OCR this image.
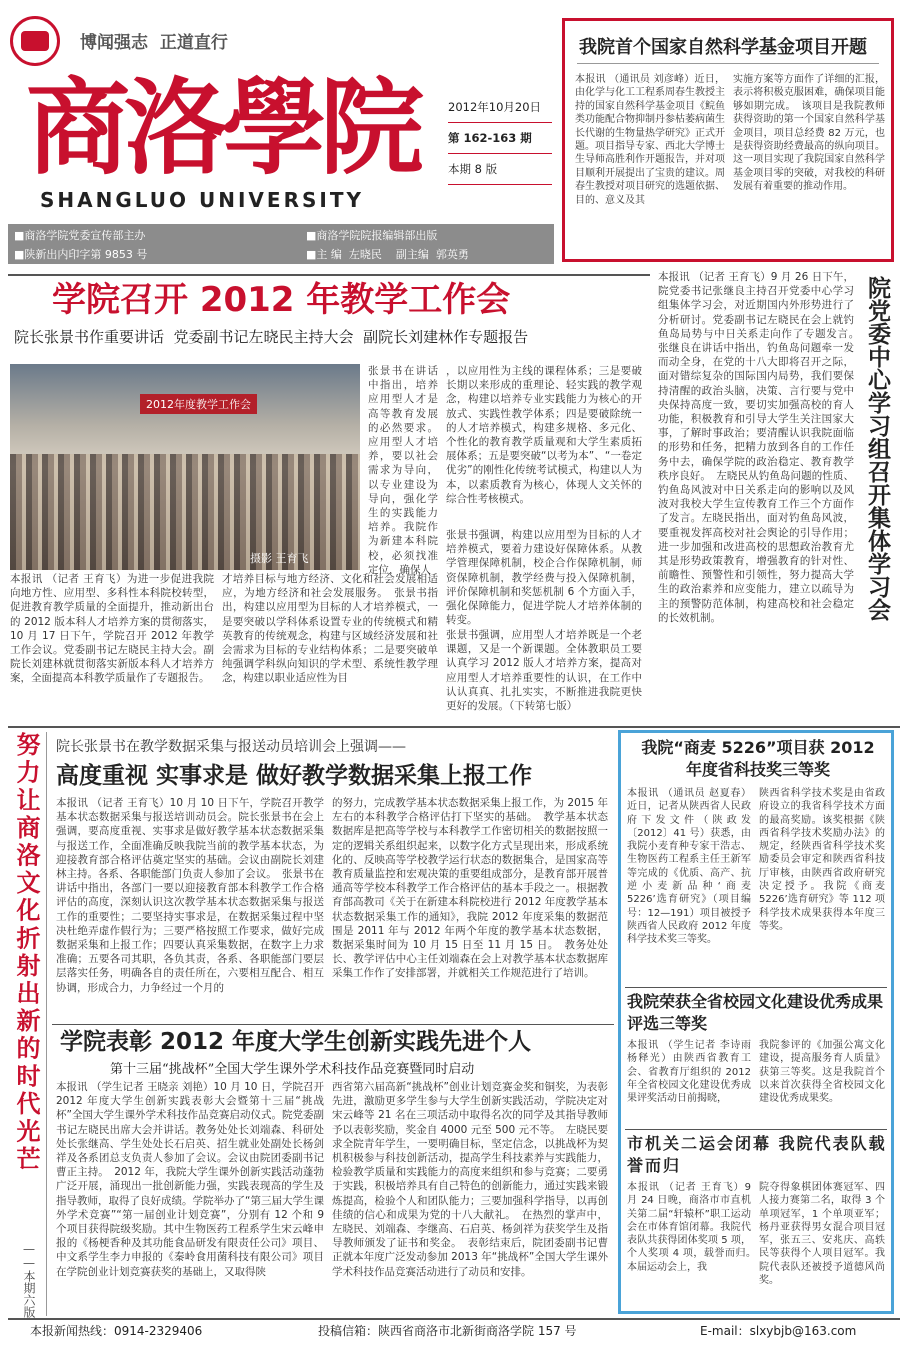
博闻强志  正道直行
商洛學院
SHANGLUO UNIVERSITY
2012年10月20日
第 162-163 期
本期 8 版
■商洛学院党委宣传部主办
■陕新出内印字第 9853 号
■商洛学院院报编辑部出版
■主 编  左晓民    副主编  郭英勇
我院首个国家自然科学基金项目开题
本报讯 （通讯员 刘彦峰）近日，由化学与化工工程系周春生教授主持的国家自然科学基金项目《鲩鱼类功能配合物抑制丹参枯萎病菌生长代谢的生物量热学研究》正式开题。项目指导专家、西北大学博士生导师高胜利作开题报告，并对项目顺利开展提出了宝贵的建议。周春生教授对项目研究的选题依据、目的、意义及其
实施方案等方面作了详细的汇报，表示将积极克服困难，确保项目能够如期完成。　该项目是我院教师获得资助的第一个国家自然科学基金项目，项目总经费 82 万元，也是获得资助经费最高的纵向项目。这一项目实现了我院国家自然科学基金项目零的突破，对我校的科研发展有着重要的推动作用。
学院召开 2012 年教学工作会
院长张景书作重要讲话  党委副书记左晓民主持大会  副院长刘建林作专题报告
2012年度教学工作会
摄影 王育飞
张景书在讲话中指出，培养应用型人才是高等教育发展的必然要求。应用型人才培养，要以社会需求为导向，以专业建设为导向，强化学生的实践能力培养。我院作为新建本科院校，必须找准定位，确保人
，以应用性为主线的课程体系；三是要破长期以来形成的重理论、轻实践的教学观念，构建以培养专业实践能力为核心的开放式、实践性教学体系；四是要破除统一的人才培养模式，构建多规格、多元化、个性化的教育教学质量观和大学生素质拓展体系；五是要突破“以考为本”、“一卷定优劣”的刚性化传统考试模式，构建以人为本，以素质教育为核心，体现人文关怀的综合性考核模式。
张景书强调，构建以应用型为目标的人才培养模式，要着力建设好保障体系。从教学管理保障机制，校企合作保障机制，师资保障机制，教学经费与投入保障机制，评价保障机制和奖惩机制 6 个方面入手，强化保障能力，促进学院人才培养体制的转变。
张景书强调，应用型人才培养既是一个老课题，又是一个新课题。全体教职员工要认真学习 2012 版人才培养方案，提高对应用型人才培养重要性的认识，在工作中认认真真、扎扎实实，不断推进我院更快更好的发展。（下转第七版）
本报讯 （记者 王育飞）为进一步促进我院向地方性、应用型、多科性本科院校转型，促进教育教学质量的全面提升，推动新出台的 2012 版本科人才培养方案的贯彻落实，10 月 17 日下午，学院召开 2012 年教学工作会议。党委副书记左晓民主持大会。副院长刘建林就贯彻落实新版本科人才培养方案，全面提高本科教学质量作了专题报告。
才培养目标与地方经济、文化和社会发展相适应，为地方经济和社会发展服务。　张景书指出，构建以应用型为目标的人才培养模式，一是要突破以学科体系设置专业的传统模式和精英教育的传统观念，构建与区域经济发展和社会需求为目标的专业结构体系；二是要突破单纯强调学科纵向知识的学术型、系统性教学理念，构建以职业适应性为目
本报讯 （记者 王育飞）9 月 26 日下午，院党委书记张继良主持召开党委中心学习组集体学习会，对近期国内外形势进行了分析研讨。党委副书记左晓民在会上就钓鱼岛局势与中日关系走向作了专题发言。　张继良在讲话中指出，钓鱼岛问题牵一发而动全身，在党的十八大即将召开之际，面对错综复杂的国际国内局势，我们要保持清醒的政治头脑，决策、言行要与党中央保持高度一致，要切实加强高校的育人功能，积极教育和引导大学生关注国家大事，了解时事政治；要清醒认识我院面临的形势和任务，把精力放到各自的工作任务中去，确保学院的政治稳定、教育教学秩序良好。　左晓民从钓鱼岛问题的性质、钓鱼岛风波对中日关系走向的影响以及风波对我校大学生宣传教育工作三个方面作了发言。左晓民指出，面对钓鱼岛风波，要重视发挥高校对社会舆论的引导作用；进一步加强和改进高校的思想政治教育尤其是形势政策教育，增强教育的针对性、前瞻性、预警性和引领性，努力提高大学生的政治素养和应变能力，建立以疏导为主的预警防范体制，构建高校和社会稳定的长效机制。	院党委中心学习组召开集体学习会
努力让商洛文化折射出新的时代光芒
——本期六版
院长张景书在教学数据采集与报送动员培训会上强调——
高度重视 实事求是 做好教学数据采集上报工作
本报讯 （记者 王育飞）10 月 10 日下午，学院召开教学基本状态数据采集与报送培训动员会。院长张景书在会上强调，要高度重视、实事求是做好教学基本状态数据采集与报送工作，全面准确反映我院当前的教学基本状态，为迎接教育部合格评估奠定坚实的基础。会议由副院长刘建林主持。各系、各职能部门负责人参加了会议。　张景书在讲话中指出，各部门一要以迎接教育部本科教学工作合格评估的高度，深刻认识这次教学基本状态数据采集与报送工作的重要性；二要坚持实事求是，在数据采集过程中坚决杜绝弄虚作假行为；三要严格按照工作要求，做好完成数据采集和上报工作；四要认真采集数据，在数字上力求准确；五要各司其职，各负其责，各系、各职能部门要层层落实任务，明确各自的责任所在，六要相互配合、相互协调，形成合力，力争经过一个月的
的努力，完成教学基本状态数据采集上报工作，为 2015 年左右的本科教学合格评估打下坚实的基础。　教学基本状态数据库是把高等学校与本科教学工作密切相关的数据按照一定的逻辑关系组织起来，以数字化方式呈现出来，形成系统化的、反映高等学校教学运行状态的数据集合，是国家高等教育质量监控和宏观决策的重要组成部分，是教育部开展普通高等学校本科教学工作合格评估的基本手段之一。根据教育部高教司《关于在新建本科院校进行 2012 年度教学基本状态数据采集工作的通知》，我院 2012 年度采集的数据范围是 2011 年与 2012 年两个年度的教学基本状态数据，数据采集时间为 10 月 15 日至 11 月 15 日。　教务处处长、教学评估中心主任刘端森在会上对教学基本状态数据库采集工作作了安排部署，并就相关工作规范进行了培训。
学院表彰 2012 年度大学生创新实践先进个人
第十三届“挑战杯”全国大学生课外学术科技作品竞赛暨同时启动
本报讯 （学生记者 王晓亲 刘艳）10 月 10 日，学院召开 2012 年度大学生创新实践表彰大会暨第十三届“挑战杯”全国大学生课外学术科技作品竞赛启动仪式。院党委副书记左晓民出席大会并讲话。教务处处长刘端森、科研处处长张继高、学生处处长石启英、招生就业处副处长杨剑祥及各系团总支负责人参加了会议。会议由院团委副书记曹正主持。　2012 年，我院大学生课外创新实践活动蓬勃广泛开展，涌现出一批创新能力强，实践表现高的学生及指导教师，取得了良好成绩。学院举办了“第三届大学生课外学术竞赛”“第一届创业计划竞赛”，分别有 12 个和 9 个项目获得院级奖励。其中生物医药工程系学生宋云峰申报的《杨梗香种及其功能食品研发有限责任公司》项目、中文系学生李力申报的《秦岭食用菌科技有限公司》项目在学院创业计划竞赛获奖的基础上，又取得陕
西省第六届高新“挑战杯”创业计划竞赛金奖和铜奖，为表彰先进，激励更多学生参与大学生创新实践活动，学院决定对宋云峰等 21 名在三项活动中取得名次的同学及其指导教师予以表彰奖励，奖金自 4000 元至 500 元不等。　左晓民要求全院青年学生，一要明确目标，坚定信念，以挑战杯为契机积极参与科技创新活动，提高学生科技素养与实践能力，检验教学质量和实践能力的高度来组织和参与竞赛；二要勇于实践，积极培养具有自己特色的创新能力，通过实践来锻炼提高，检验个人和团队能力；三要加强科学指导，以再创佳绩的信心和成果为党的十八大献礼。　在热烈的掌声中，左晓民、刘端森、李继高、石启英、杨剑祥为获奖学生及指导教师颁发了证书和奖金。　表彰结束后，院团委副书记曹正就本年度广泛发动参加 2013 年“挑战杯”全国大学生课外学术科技作品竞赛活动进行了动员和安排。
我院“商麦 5226”项目获 2012 年度省科技奖三等奖
本报讯 （通讯员 赵夏春）近日，记者从陕西省人民政府下发文件（陕政发〔2012〕41 号）获悉，由我院小麦育种专家干浩志、生物医药工程系主任王新军等完成的《优质、高产、抗逆小麦新品种‘商麦 5226’选育研究》（项目编号：12—191）项目被授予陕西省人民政府 2012 年度科学技术奖三等奖。
陕西省科学技术奖是由省政府设立的我省科学技术方面的最高奖励。该奖根据《陕西省科学技术奖励办法》的规定，经陕西省科学技术奖励委员会审定和陕西省科技厅审核，由陕西省政府研究决定授予。我院《商麦 5226’选育研究》等 112 项科学技术成果获得本年度三等奖。
我院荣获全省校园文化建设优秀成果评选三等奖
本报讯 （学生记者 李诗雨 杨释光）由陕西省教育工会、省教育厅组织的 2012 年全省校园文化建设优秀成果评奖活动日前揭晓，
我院参评的《加强公寓文化建设，提高服务育人质量》获第三等奖。这是我院首个以来首次获得全省校园文化建设优秀成果奖。
市机关二运会闭幕 我院代表队载誉而归
本报讯 （记者 王育飞）9 月 24 日晚，商洛市市直机关第二届“轩辕杯”职工运动会在市体育馆闭幕。我院代表队共获得团体奖项 5 项，个人奖项 4 项，载誉而归。　本届运动会上，我
院夺得象棋团体赛冠军、四人接力赛第二名，取得 3 个单项冠军，1 个单项亚军；杨丹亚获得男女混合项目冠军，张五三、安兆庆、高轶民等获得个人项目冠军。我院代表队还被授予道德风尚奖。
本报新闻热线：0914-2329406	投稿信箱：陕西省商洛市北新街商洛学院 157 号	E-mail：slxybjb@163.com
